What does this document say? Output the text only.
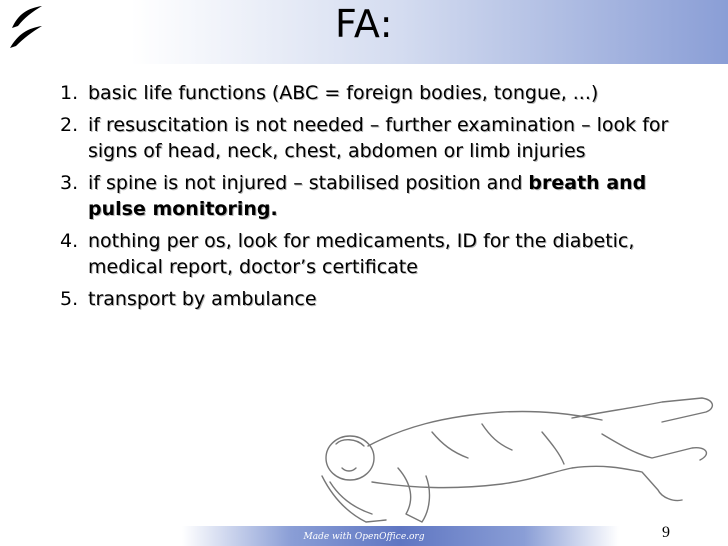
FA:
1. basic life functions (ABC = foreign bodies, tongue, ...)
2. if resuscitation is not needed – further examination – look for signs of head, neck, chest, abdomen or limb injuries
3. if spine is not injured – stabilised position and breath and pulse monitoring.
4. nothing per os, look for medicaments, ID for the diabetic, medical report, doctor’s certificate
5. transport by ambulance
Made with OpenOffice.org	9
